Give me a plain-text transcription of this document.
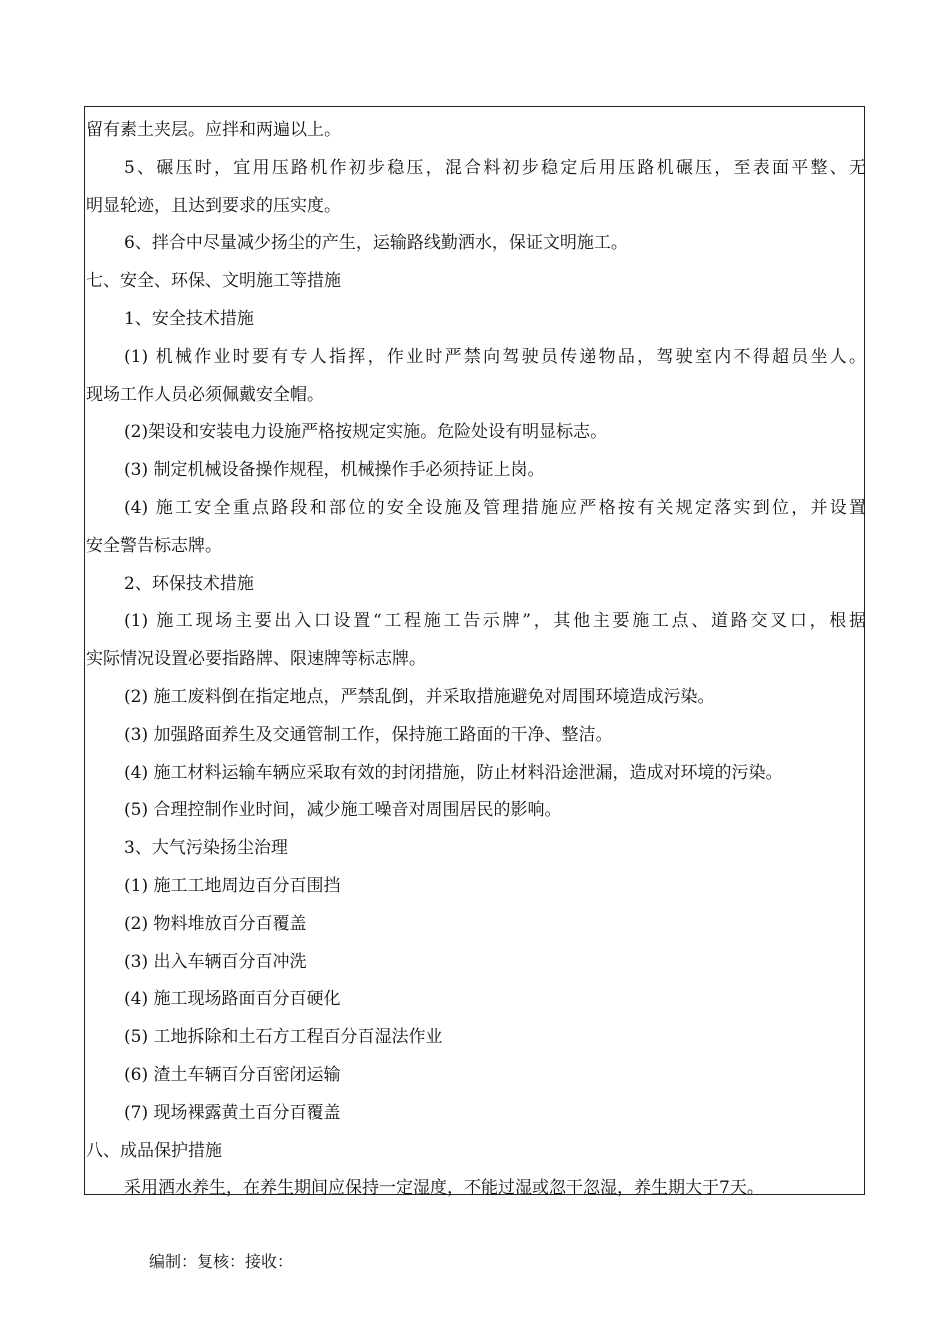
留有素土夹层。应拌和两遍以上。
5、碾压时，宜用压路机作初步稳压，混合料初步稳定后用压路机碾压，至表面平整、无
明显轮迹，且达到要求的压实度。
6、拌合中尽量减少扬尘的产生，运输路线勤洒水，保证文明施工。
七、安全、环保、文明施工等措施
1、安全技术措施
(1) 机械作业时要有专人指挥，作业时严禁向驾驶员传递物品，驾驶室内不得超员坐人。
现场工作人员必须佩戴安全帽。
(2)架设和安装电力设施严格按规定实施。危险处设有明显标志。
(3) 制定机械设备操作规程，机械操作手必须持证上岗。
(4) 施工安全重点路段和部位的安全设施及管理措施应严格按有关规定落实到位，并设置
安全警告标志牌。
2、环保技术措施
(1) 施工现场主要出入口设置“工程施工告示牌”，其他主要施工点、道路交叉口，根据
实际情况设置必要指路牌、限速牌等标志牌。
(2) 施工废料倒在指定地点，严禁乱倒，并采取措施避免对周围环境造成污染。
(3) 加强路面养生及交通管制工作，保持施工路面的干净、整洁。
(4) 施工材料运输车辆应采取有效的封闭措施，防止材料沿途泄漏，造成对环境的污染。
(5) 合理控制作业时间，减少施工噪音对周围居民的影响。
3、大气污染扬尘治理
(1) 施工工地周边百分百围挡
(2) 物料堆放百分百覆盖
(3) 出入车辆百分百冲洗
(4) 施工现场路面百分百硬化
(5) 工地拆除和土石方工程百分百湿法作业
(6) 渣土车辆百分百密闭运输
(7) 现场裸露黄土百分百覆盖
八、成品保护措施
采用洒水养生，在养生期间应保持一定湿度，不能过湿或忽干忽湿，养生期大于7天。
编制：复核：接收：
